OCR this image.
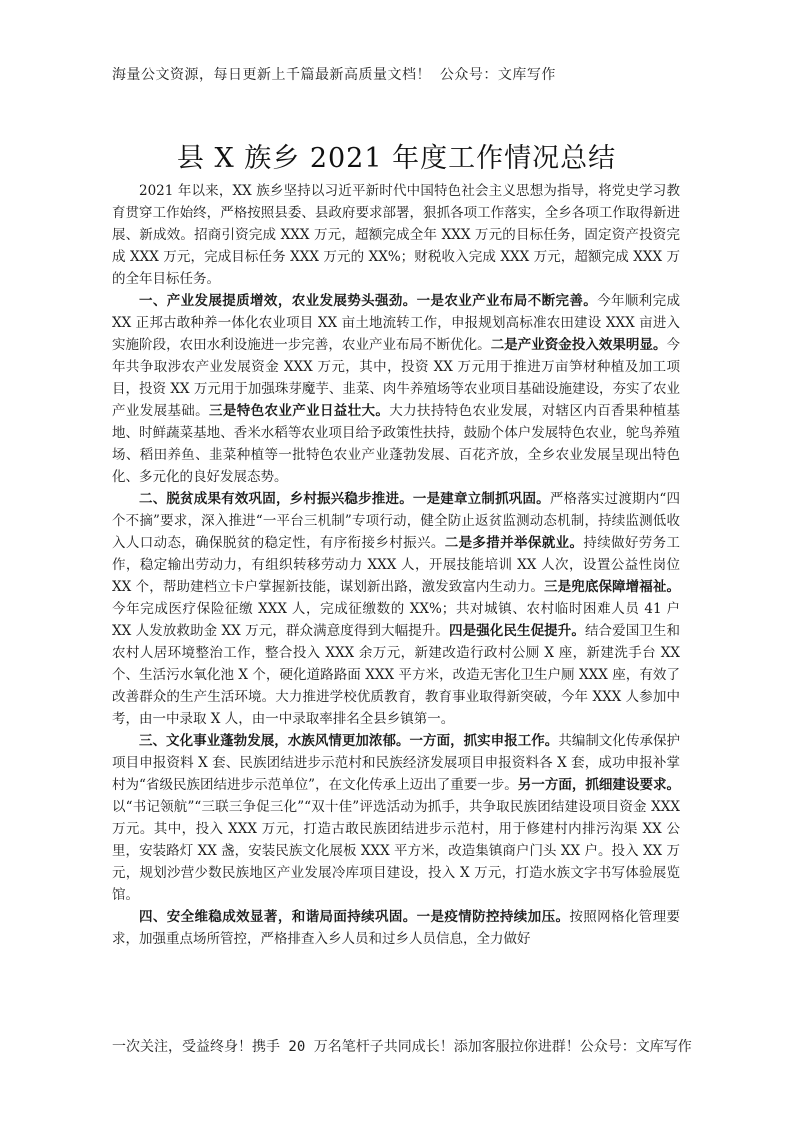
海量公文资源，每日更新上千篇最新高质量文档！ 公众号：文库写作
县 X 族乡 2021 年度工作情况总结

2021 年以来，XX 族乡坚持以习近平新时代中国特色社会主义思想为指导，将党史学习教育贯穿工作始终，严格按照县委、县政府要求部署，狠抓各项工作落实，全乡各项工作取得新进展、新成效。招商引资完成 XXX 万元，超额完成全年 XXX 万元的目标任务，固定资产投资完成 XXX 万元，完成目标任务 XXX 万元的 XX%；财税收入完成 XXX 万元，超额完成 XXX 万的全年目标任务。

一、产业发展提质增效，农业发展势头强劲。一是农业产业布局不断完善。今年顺利完成 XX 正邦古敢种养一体化农业项目 XX 亩土地流转工作，申报规划高标准农田建设 XXX 亩进入实施阶段，农田水利设施进一步完善，农业产业布局不断优化。二是产业资金投入效果明显。今年共争取涉农产业发展资金 XXX 万元，其中，投资 XX 万元用于推进万亩笋材种植及加工项目，投资 XX 万元用于加强珠芽魔芋、韭菜、肉牛养殖场等农业项目基础设施建设，夯实了农业产业发展基础。三是特色农业产业日益壮大。大力扶持特色农业发展，对辖区内百香果种植基地、时鲜蔬菜基地、香米水稻等农业项目给予政策性扶持，鼓励个体户发展特色农业，鸵鸟养殖场、稻田养鱼、韭菜种植等一批特色农业产业蓬勃发展、百花齐放，全乡农业发展呈现出特色化、多元化的良好发展态势。

二、脱贫成果有效巩固，乡村振兴稳步推进。一是建章立制抓巩固。严格落实过渡期内“四个不摘”要求，深入推进“一平台三机制”专项行动，健全防止返贫监测动态机制，持续监测低收入人口动态，确保脱贫的稳定性，有序衔接乡村振兴。二是多措并举保就业。持续做好劳务工作，稳定输出劳动力，有组织转移劳动力 XXX 人，开展技能培训 XX 人次，设置公益性岗位 XX 个，帮助建档立卡户掌握新技能，谋划新出路，激发致富内生动力。三是兜底保障增福祉。今年完成医疗保险征缴 XXX 人，完成征缴数的 XX%；共对城镇、农村临时困难人员 41 户 XX 人发放救助金 XX 万元，群众满意度得到大幅提升。四是强化民生促提升。结合爱国卫生和农村人居环境整治工作，整合投入 XXX 余万元，新建改造行政村公厕 X 座，新建洗手台 XX 个、生活污水氧化池 X 个，硬化道路路面 XXX 平方米，改造无害化卫生户厕 XXX 座，有效了改善群众的生产生活环境。大力推进学校优质教育，教育事业取得新突破，今年 XXX 人参加中考，由一中录取 X 人，由一中录取率排名全县乡镇第一。

三、文化事业蓬勃发展，水族风情更加浓郁。一方面，抓实申报工作。共编制文化传承保护项目申报资料 X 套、民族团结进步示范村和民族经济发展项目申报资料各 X 套，成功申报补掌村为“省级民族团结进步示范单位”，在文化传承上迈出了重要一步。另一方面，抓细建设要求。以“书记领航”“三联三争促三化”“双十佳”评选活动为抓手，共争取民族团结建设项目资金 XXX 万元。其中，投入 XXX 万元，打造古敢民族团结进步示范村，用于修建村内排污沟渠 XX 公里，安装路灯 XX 盏，安装民族文化展板 XXX 平方米，改造集镇商户门头 XX 户。投入 XX 万元，规划沙营少数民族地区产业发展冷库项目建设，投入 X 万元，打造水族文字书写体验展览馆。

四、安全维稳成效显著，和谐局面持续巩固。一是疫情防控持续加压。按照网格化管理要求，加强重点场所管控，严格排查入乡人员和过乡人员信息，全力做好

一次关注，受益终身！携手 20 万名笔杆子共同成长！添加客服拉你进群！公众号：文库写作
